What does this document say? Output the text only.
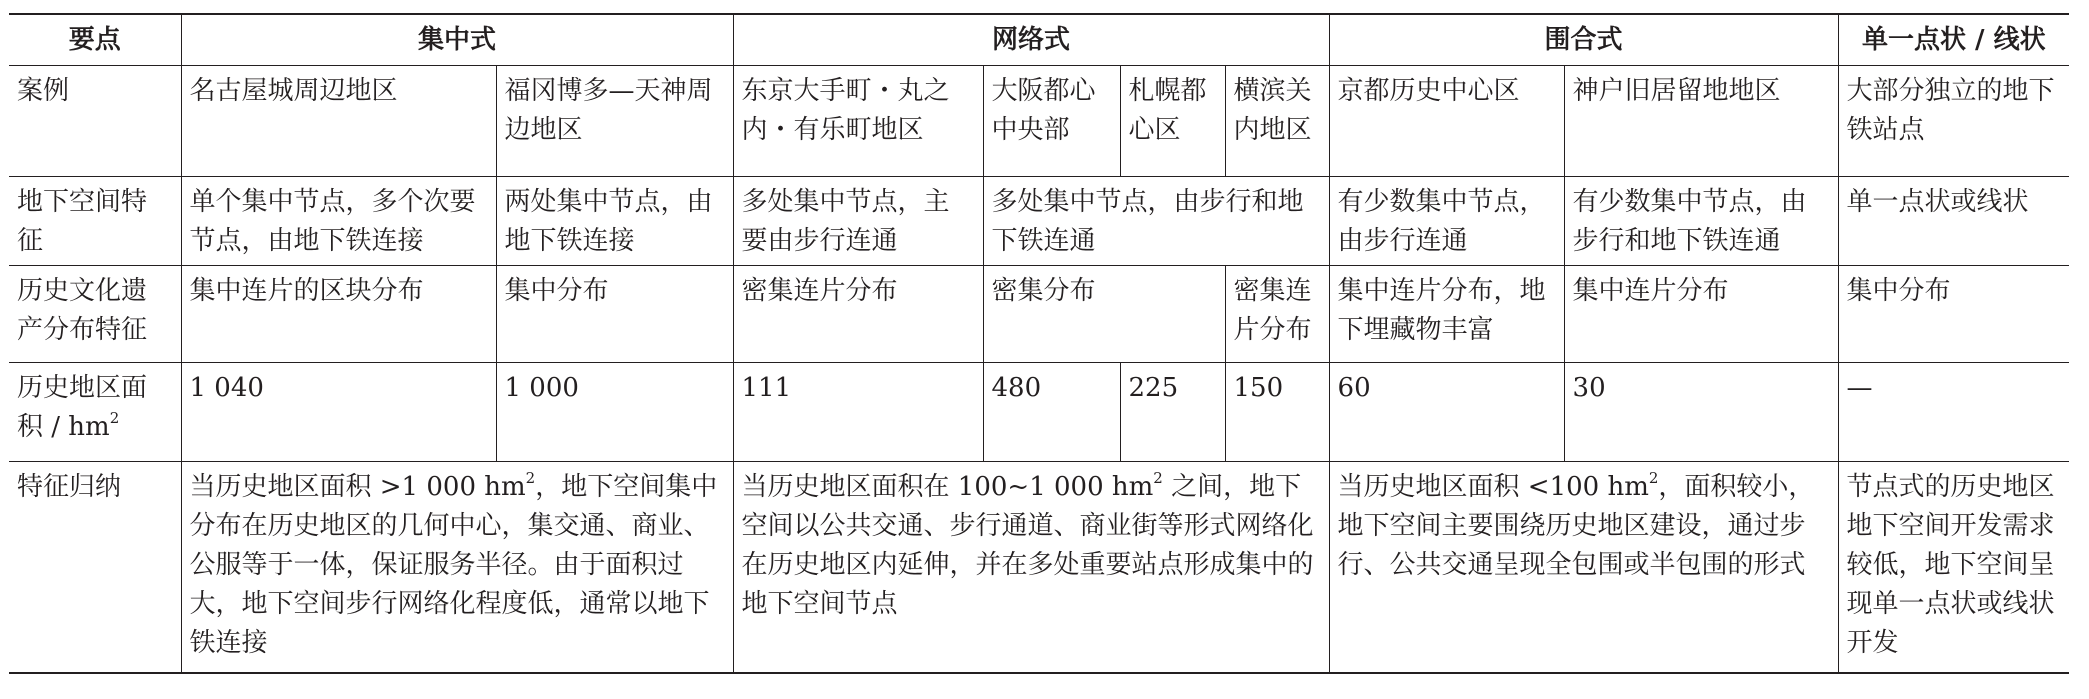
要点	集中式		网络式				围合式		单一点状 / 线状
案例	名古屋城周辺地区	福冈博多—天神周边地区	东京大手町・丸之内・有乐町地区	大阪都心中央部	札幌都心区	横滨关内地区	京都历史中心区	神户旧居留地地区	大部分独立的地下铁站点
地下空间特征	单个集中节点，多个次要节点，由地下铁连接	两处集中节点，由地下铁连接	多处集中节点，主要由步行连通	多处集中节点，由步行和地下铁连通			有少数集中节点，由步行连通	有少数集中节点，由步行和地下铁连通	单一点状或线状
历史文化遗产分布特征	集中连片的区块分布	集中分布	密集连片分布	密集分布		密集连片分布	集中连片分布，地下埋藏物丰富	集中连片分布	集中分布
历史地区面积 / $hm^2$	1 040	1 000	111	480	225	150	60	30	—
特征归纳	当历史地区面积 >1 000 $hm^2$，地下空间集中分布在历史地区的几何中心，集交通、商业、公服等于一体，保证服务半径。由于面积过大，地下空间步行网络化程度低，通常以地下铁连接		当历史地区面积在 100~1 000 $hm^2$ 之间，地下空间以公共交通、步行通道、商业街等形式网络化在历史地区内延伸，并在多处重要站点形成集中的地下空间节点				当历史地区面积 <100 $hm^2$，面积较小，地下空间主要围绕历史地区建设，通过步行、公共交通呈现全包围或半包围的形式		节点式的历史地区地下空间开发需求较低，地下空间呈现单一点状或线状开发
